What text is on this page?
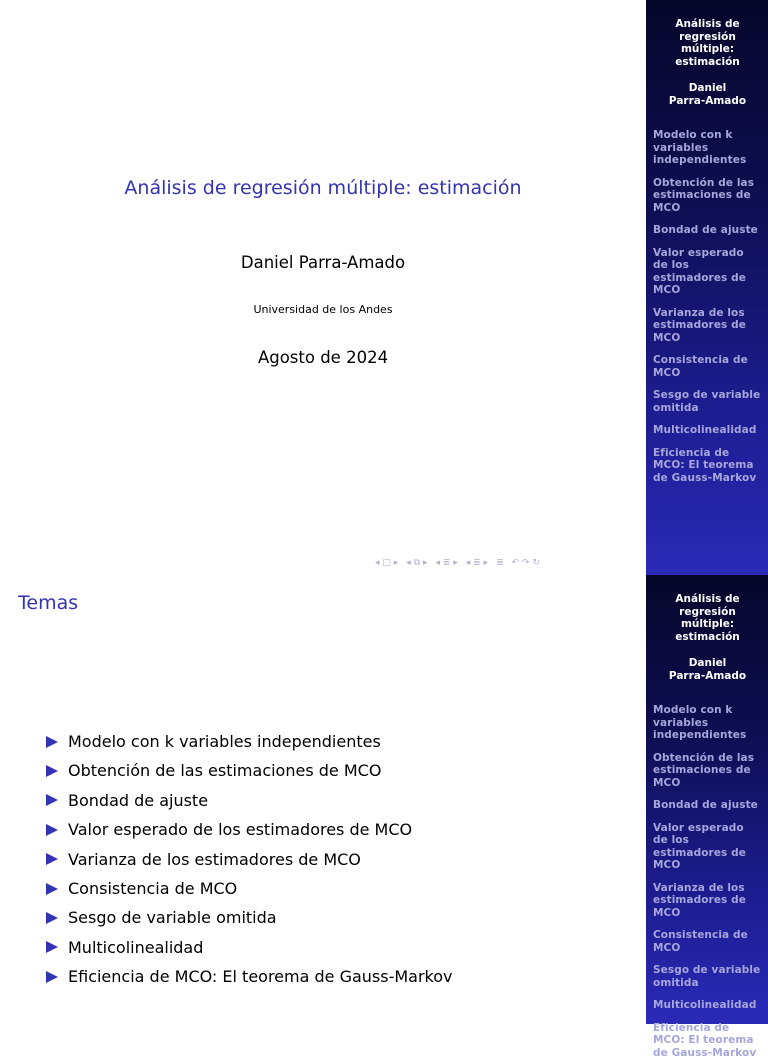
Análisis de regresión múltiple: estimación
Daniel Parra-Amado
Universidad de los Andes
Agosto de 2024
◂ □ ▸ ◂ ⧉ ▸ ◂ ≣ ▸ ◂ ≣ ▸ ≣ ↶ ↷ ↻
Análisis de
regresión múltiple:
estimación
Daniel
Parra-Amado
Modelo con k variables independientes
Obtención de las estimaciones de MCO
Bondad de ajuste
Valor esperado de los estimadores de MCO
Varianza de los estimadores de MCO
Consistencia de MCO
Sesgo de variable omitida
Multicolinealidad
Eficiencia de MCO: El teorema de Gauss-Markov
Análisis de
regresión múltiple:
estimación
Daniel
Parra-Amado
Modelo con k variables independientes
Obtención de las estimaciones de MCO
Bondad de ajuste
Valor esperado de los estimadores de MCO
Varianza de los estimadores de MCO
Consistencia de MCO
Sesgo de variable omitida
Multicolinealidad
Eficiencia de MCO: El teorema de Gauss-Markov
Temas
Modelo con k variables independientes
Obtención de las estimaciones de MCO
Bondad de ajuste
Valor esperado de los estimadores de MCO
Varianza de los estimadores de MCO
Consistencia de MCO
Sesgo de variable omitida
Multicolinealidad
Eficiencia de MCO: El teorema de Gauss-Markov
